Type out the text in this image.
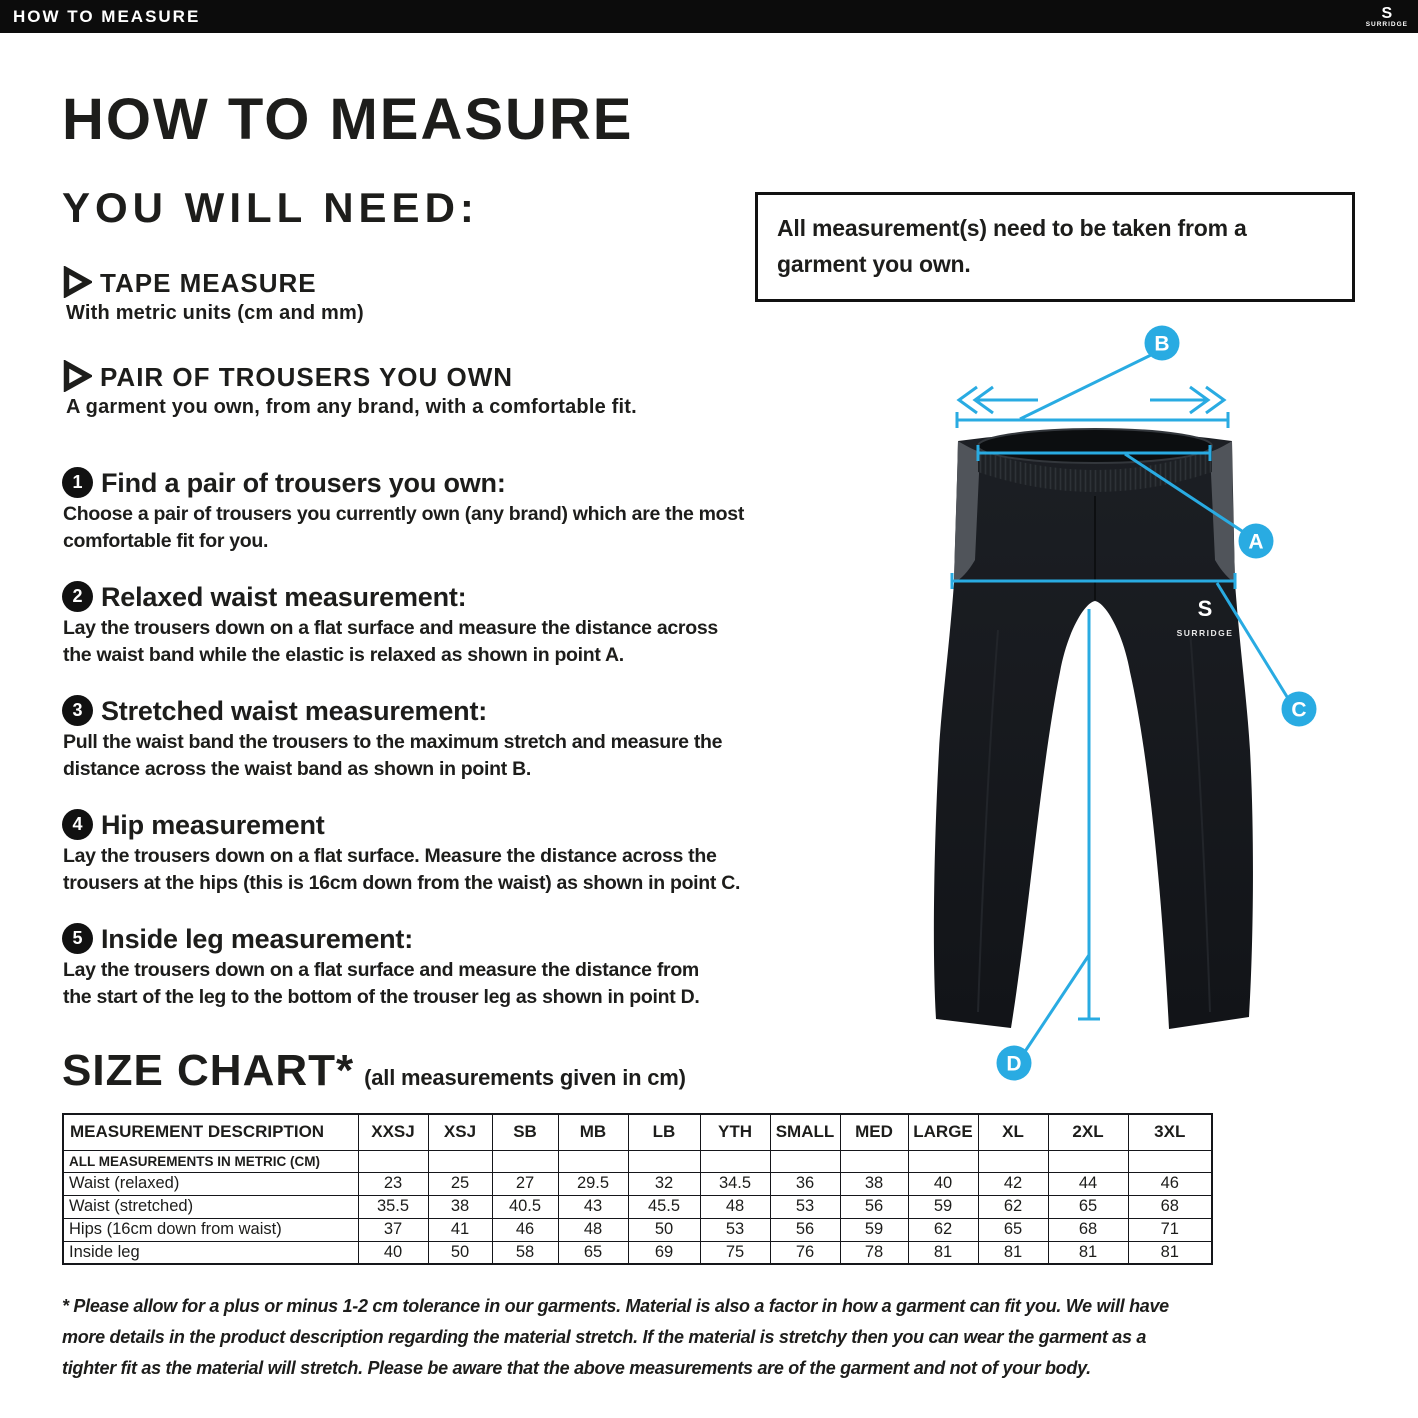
HOW TO MEASURE	S
SURRIDGE
HOW TO MEASURE
YOU WILL NEED:
TAPE MEASURE
With metric units (cm and mm)
PAIR OF TROUSERS YOU OWN
A garment you own, from any brand, with a comfortable fit.
All measurement(s) need to be taken from a
garment you own.
1 Find a pair of trousers you own:
Choose a pair of trousers you currently own (any brand) which are the most
comfortable fit for you.
2 Relaxed waist measurement:
Lay the trousers down on a flat surface and measure the distance across
the waist band while the elastic is relaxed as shown in point A.
3 Stretched waist measurement:
Pull the waist band the trousers to the maximum stretch and measure the
distance across the waist band as shown in point B.
4 Hip measurement
Lay the trousers down on a flat surface. Measure the distance across the
trousers at the hips (this is 16cm down from the waist) as shown in point C.
5 Inside leg measurement:
Lay the trousers down on a flat surface and measure the distance from
the start of the leg to the bottom of the trouser leg as shown in point D.
SIZE CHART* (all measurements given in cm)
MEASUREMENT DESCRIPTION	XXSJ	XSJ	SB	MB	LB	YTH	SMALL	MED	LARGE	XL	2XL	3XL
ALL MEASUREMENTS IN METRIC (CM)												
Waist (relaxed)	23	25	27	29.5	32	34.5	36	38	40	42	44	46
Waist (stretched)	35.5	38	40.5	43	45.5	48	53	56	59	62	65	68
Hips (16cm down from waist)	37	41	46	48	50	53	56	59	62	65	68	71
Inside leg	40	50	58	65	69	75	76	78	81	81	81	81
* Please allow for a plus or minus 1-2 cm tolerance in our garments. Material is also a factor in how a garment can fit you. We will have
more details in the product description regarding the material stretch. If the material is stretchy then you can wear the garment as a
tighter fit as the material will stretch. Please be aware that the above measurements are of the garment and not of your body.
S
SURRIDGE
B
A
C
D
